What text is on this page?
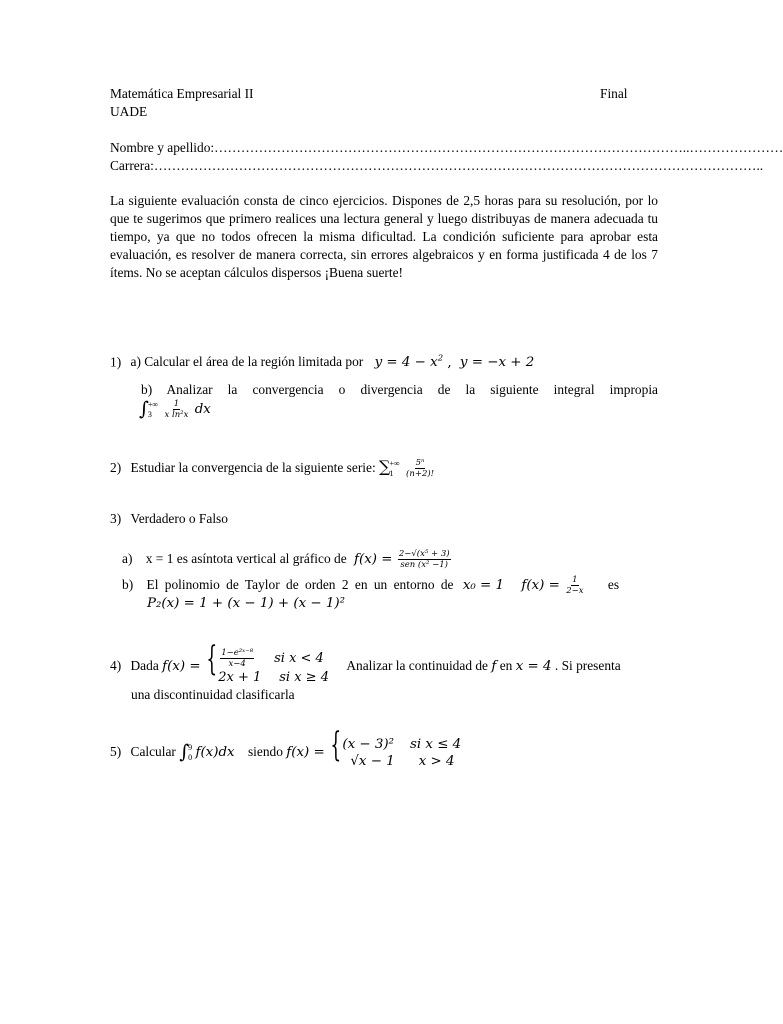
Matemática Empresarial II	Final
UADE
Nombre y apellido:……………………………………………………………………………………………..…………………
Carrera:………………………………………………………………………………………………………………………..
La siguiente evaluación consta de cinco ejercicios. Dispones de 2,5 horas para su resolución, por lo que te sugerimos que primero realices una lectura general y luego distribuyas de manera adecuada tu tiempo, ya que no todos ofrecen la misma dificultad. La condición suficiente para aprobar esta evaluación, es resolver de manera correcta, sin errores algebraicos y en forma justificada 4 de los 7 ítems. No se aceptan cálculos dispersos ¡Buena suerte!
1) a) Calcular el área de la región limitada por $y = 4 - x^2$ , y = −x + 2
b) Analizar la convergencia o divergencia de la siguiente integral impropia
∫ +∞
3
	$\frac{1}{\text{x ln²x}}$ dx
2) Estudiar la convergencia de la siguiente serie: ∑ +∞
1
	$\frac{\text{5ⁿ}}{(n+2)!}$
3) Verdadero o Falso
a) x = 1 es asíntota vertical al gráfico de $f(x) = \frac{\text{2−√(x⁵ + 3)}}{\text{sen (x² −1)}}$
b) El polinomio de Taylor de orden 2 en un entorno de x₀ = 1 $f(x) = \frac{1}{2-x}$ es
P₂(x) = 1 + (x − 1) + (x − 1)²
4) Dada f(x) = { $\frac{\text{1−e²ˣ⁻⁸}}{x-4}$ si x < 4
2x + 1 si x ≥ 4
Analizar la continuidad de f en x = 4 . Si presenta
una discontinuidad clasificarla
5) Calcular ∫ 9
0 f(x)dx siendo f(x) = { (x − 3)² si x ≤ 4
√x − 1 x > 4
